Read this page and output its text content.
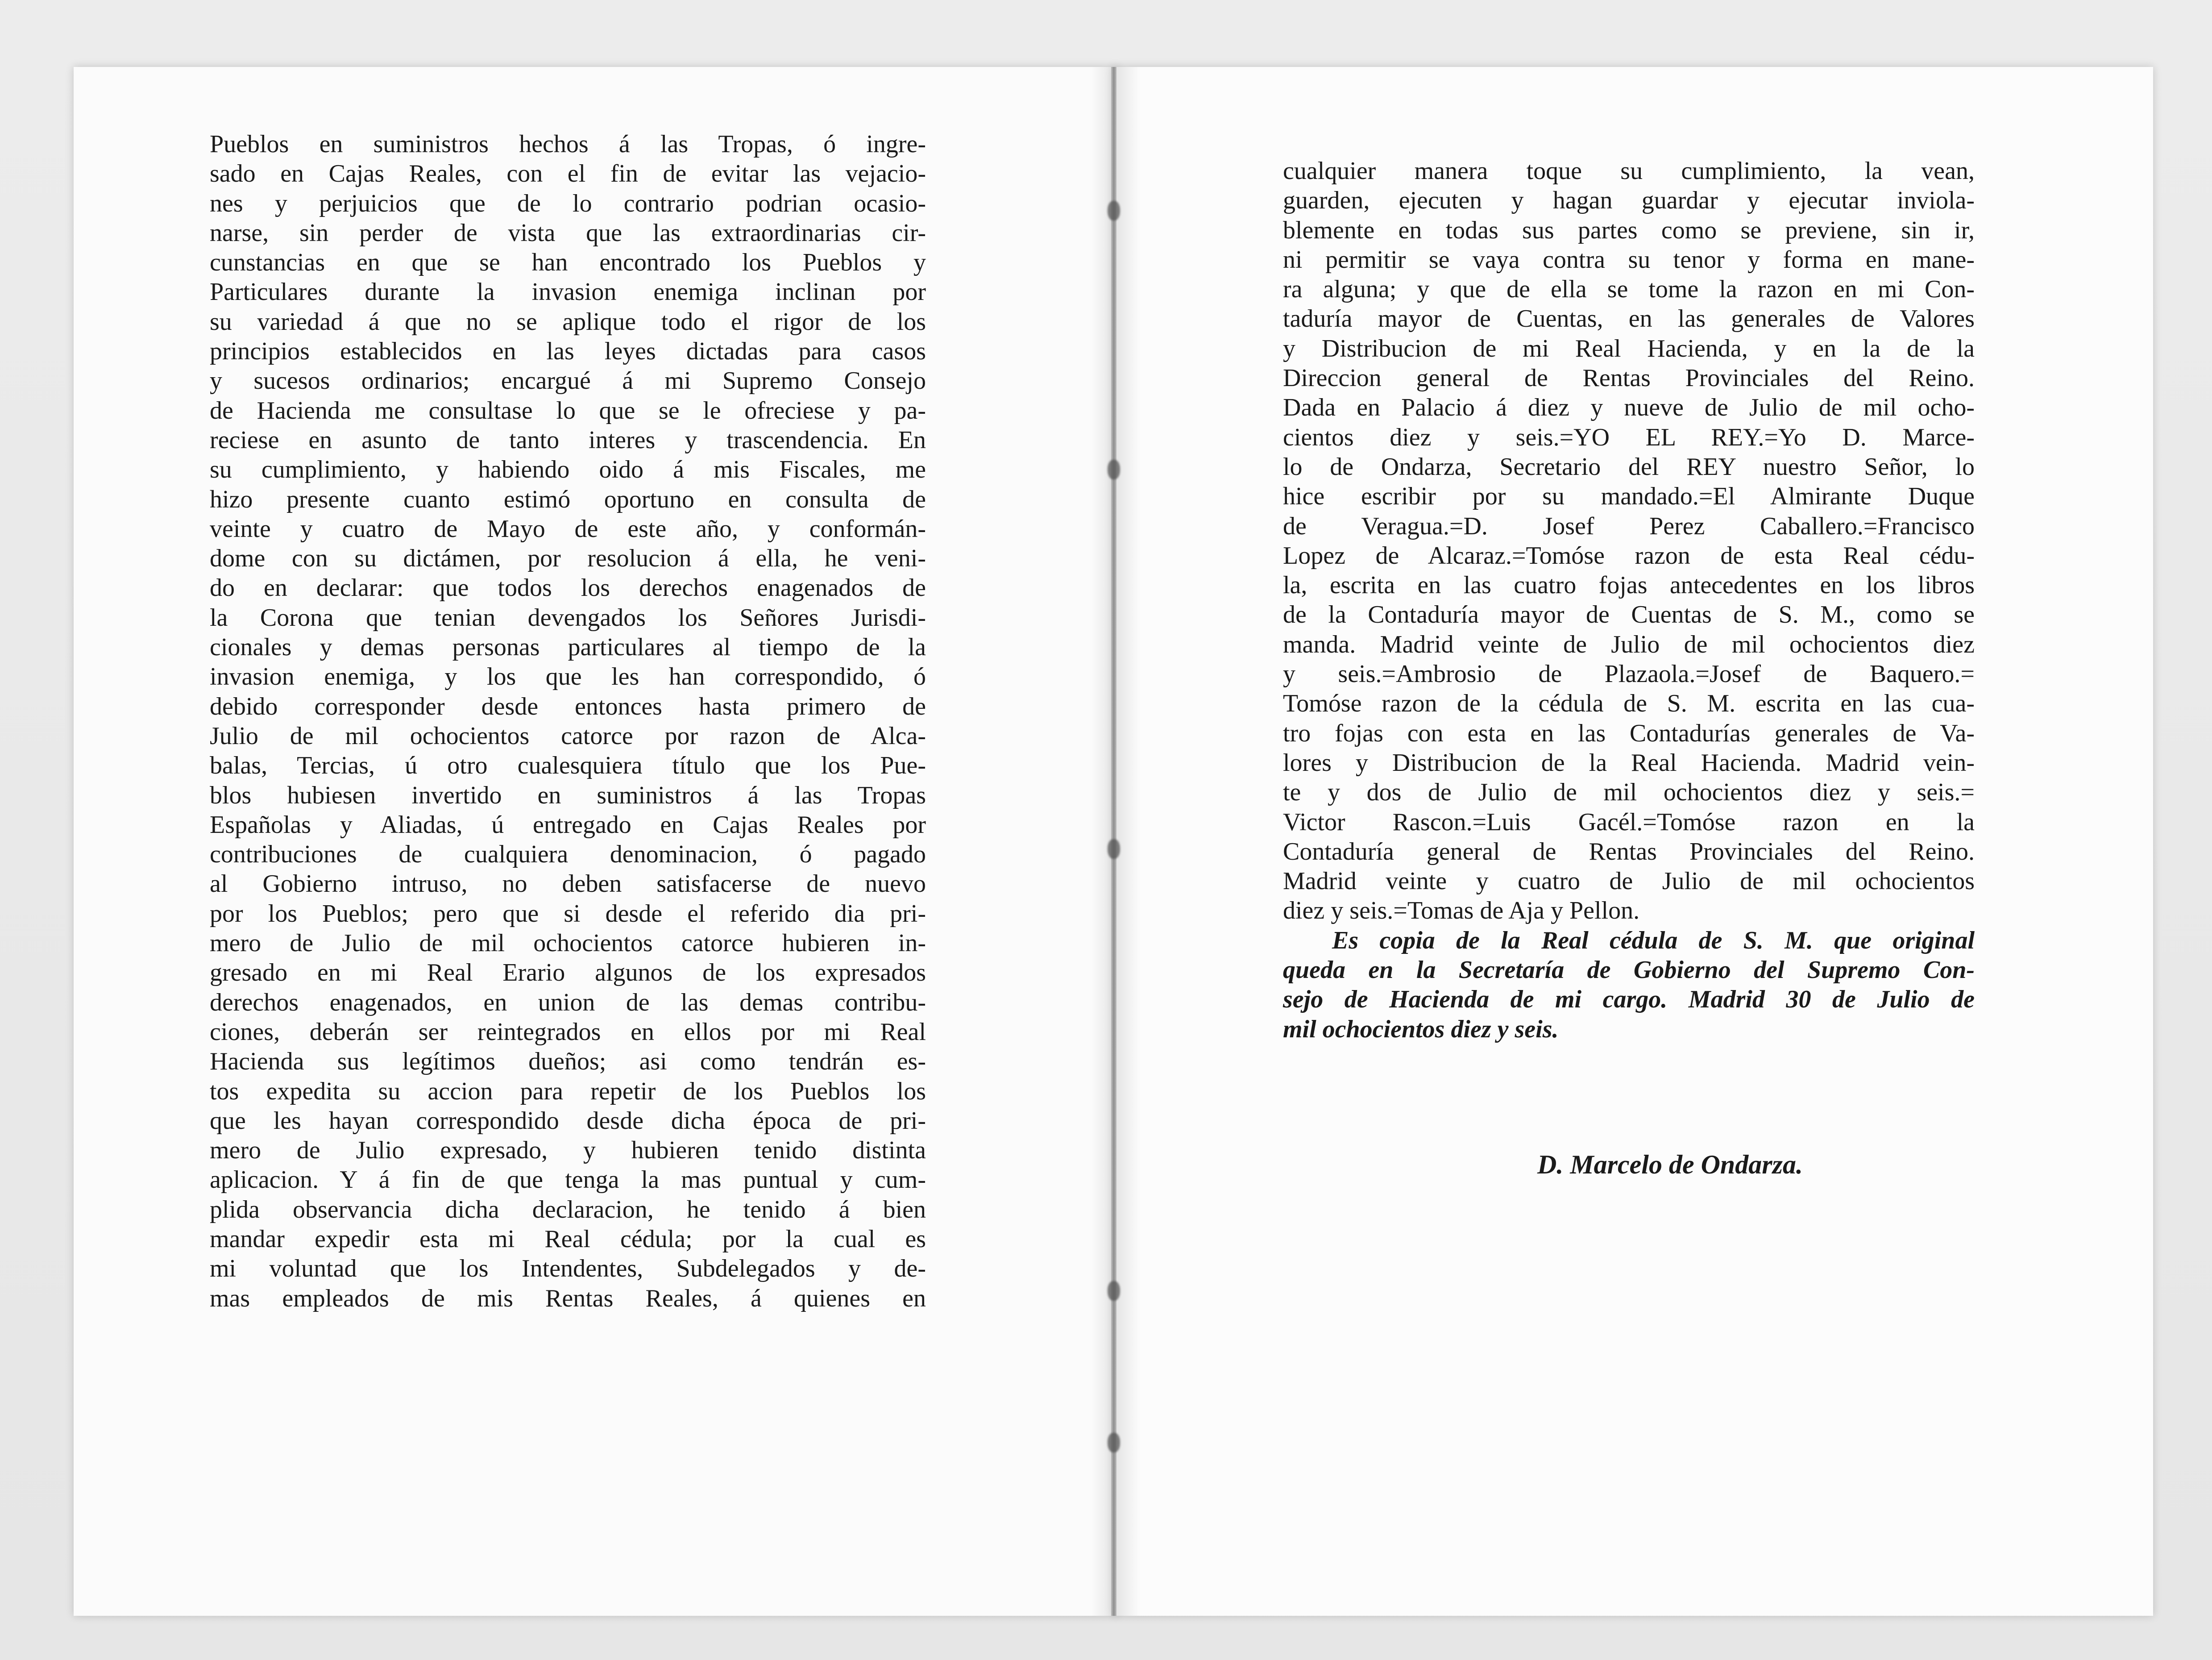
Pueblos en suministros hechos á las Tropas, ó ingre-
sado en Cajas Reales, con el fin de evitar las vejacio-
nes y perjuicios que de lo contrario podrian ocasio-
narse, sin perder de vista que las extraordinarias cir-
cunstancias en que se han encontrado los Pueblos y
Particulares durante la invasion enemiga inclinan por
su variedad á que no se aplique todo el rigor de los
principios establecidos en las leyes dictadas para casos
y sucesos ordinarios; encargué á mi Supremo Consejo
de Hacienda me consultase lo que se le ofreciese y pa-
reciese en asunto de tanto interes y trascendencia. En
su cumplimiento, y habiendo oido á mis Fiscales, me
hizo presente cuanto estimó oportuno en consulta de
veinte y cuatro de Mayo de este año, y conformán-
dome con su dictámen, por resolucion á ella, he veni-
do en declarar: que todos los derechos enagenados de
la Corona que tenian devengados los Señores Jurisdi-
cionales y demas personas particulares al tiempo de la
invasion enemiga, y los que les han correspondido, ó
debido corresponder desde entonces hasta primero de
Julio de mil ochocientos catorce por razon de Alca-
balas, Tercias, ú otro cualesquiera título que los Pue-
blos hubiesen invertido en suministros á las Tropas
Españolas y Aliadas, ú entregado en Cajas Reales por
contribuciones de cualquiera denominacion, ó pagado
al Gobierno intruso, no deben satisfacerse de nuevo
por los Pueblos; pero que si desde el referido dia pri-
mero de Julio de mil ochocientos catorce hubieren in-
gresado en mi Real Erario algunos de los expresados
derechos enagenados, en union de las demas contribu-
ciones, deberán ser reintegrados en ellos por mi Real
Hacienda sus legítimos dueños; asi como tendrán es-
tos expedita su accion para repetir de los Pueblos los
que les hayan correspondido desde dicha época de pri-
mero de Julio expresado, y hubieren tenido distinta
aplicacion. Y á fin de que tenga la mas puntual y cum-
plida observancia dicha declaracion, he tenido á bien
mandar expedir esta mi Real cédula; por la cual es
mi voluntad que los Intendentes, Subdelegados y de-
mas empleados de mis Rentas Reales, á quienes en
cualquier manera toque su cumplimiento, la vean,
guarden, ejecuten y hagan guardar y ejecutar inviola-
blemente en todas sus partes como se previene, sin ir,
ni permitir se vaya contra su tenor y forma en mane-
ra alguna; y que de ella se tome la razon en mi Con-
taduría mayor de Cuentas, en las generales de Valores
y Distribucion de mi Real Hacienda, y en la de la
Direccion general de Rentas Provinciales del Reino.
Dada en Palacio á diez y nueve de Julio de mil ocho-
cientos diez y seis.=YO EL REY.=Yo D. Marce-
lo de Ondarza, Secretario del REY nuestro Señor, lo
hice escribir por su mandado.=El Almirante Duque
de Veragua.=D. Josef Perez Caballero.=Francisco
Lopez de Alcaraz.=Tomóse razon de esta Real cédu-
la, escrita en las cuatro fojas antecedentes en los libros
de la Contaduría mayor de Cuentas de S. M., como se
manda. Madrid veinte de Julio de mil ochocientos diez
y seis.=Ambrosio de Plazaola.=Josef de Baquero.=
Tomóse razon de la cédula de S. M. escrita en las cua-
tro fojas con esta en las Contadurías generales de Va-
lores y Distribucion de la Real Hacienda. Madrid vein-
te y dos de Julio de mil ochocientos diez y seis.=
Victor Rascon.=Luis Gacél.=Tomóse razon en la
Contaduría general de Rentas Provinciales del Reino.
Madrid veinte y cuatro de Julio de mil ochocientos
diez y seis.=Tomas de Aja y Pellon.
Es copia de la Real cédula de S. M. que original
queda en la Secretaría de Gobierno del Supremo Con-
sejo de Hacienda de mi cargo. Madrid 30 de Julio de
mil ochocientos diez y seis.
D. Marcelo de Ondarza.
